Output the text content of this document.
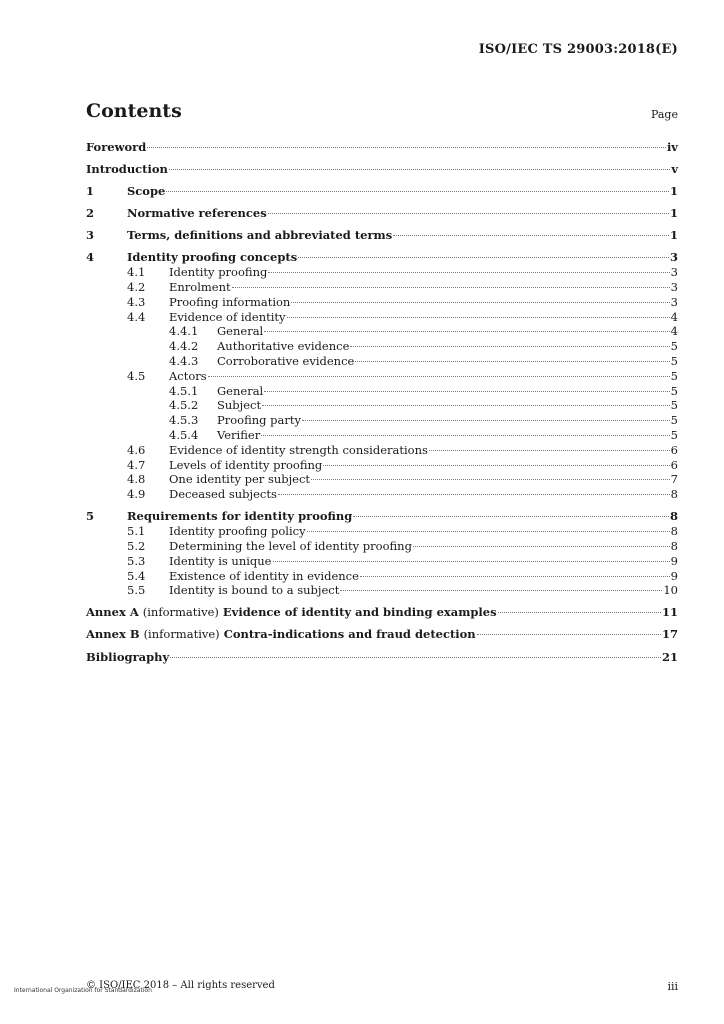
ISO/IEC TS 29003:2018(E)
Contents	Page
Foreword	iv
Introduction	v
1	Scope	1
2	Normative references	1
3	Terms, definitions and abbreviated terms	1
4	Identity proofing concepts	3
4.1 Identity proofing	3
4.2 Enrolment	3
4.3 Proofing information	3
4.4 Evidence of identity	4
4.4.1 General	4
4.4.2 Authoritative evidence	5
4.4.3 Corroborative evidence	5
4.5 Actors	5
4.5.1 General	5
4.5.2 Subject	5
4.5.3 Proofing party	5
4.5.4 Verifier	5
4.6 Evidence of identity strength considerations	6
4.7 Levels of identity proofing	6
4.8 One identity per subject	7
4.9 Deceased subjects	8
5	Requirements for identity proofing	8
5.1 Identity proofing policy	8
5.2 Determining the level of identity proofing	8
5.3 Identity is unique	9
5.4 Existence of identity in evidence	9
5.5 Identity is bound to a subject	10
Annex A (informative) Evidence of identity and binding examples	11
Annex B (informative) Contra-indications and fraud detection	17
Bibliography	21
© ISO/IEC 2018 – All rights reserved	iii
International Organization for Standardization
